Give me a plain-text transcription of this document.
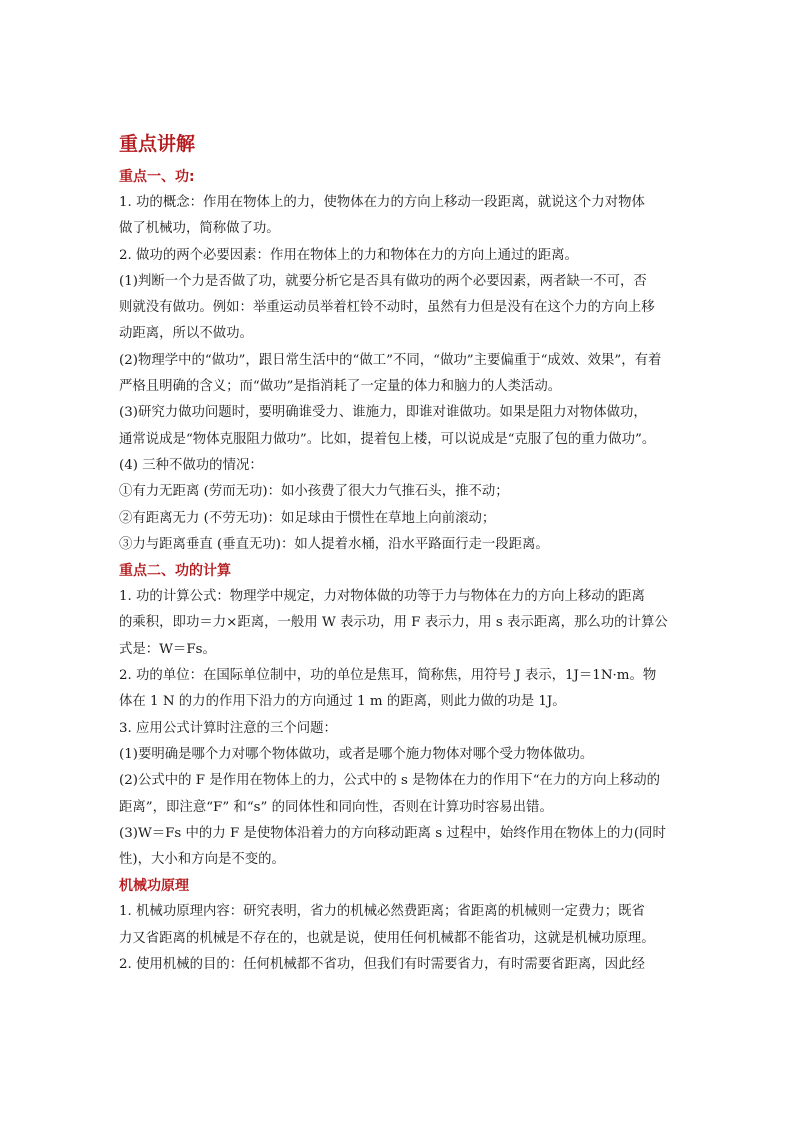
重点讲解
重点一、功:
1. 功的概念：作用在物体上的力，使物体在力的方向上移动一段距离，就说这个力对物体
做了机械功，简称做了功。
2. 做功的两个必要因素：作用在物体上的力和物体在力的方向上通过的距离。
(1)判断一个力是否做了功，就要分析它是否具有做功的两个必要因素，两者缺一不可，否
则就没有做功。例如：举重运动员举着杠铃不动时，虽然有力但是没有在这个力的方向上移
动距离，所以不做功。
(2)物理学中的“做功”，跟日常生活中的“做工”不同，“做功”主要偏重于“成效、效果”，有着
严格且明确的含义；而“做功”是指消耗了一定量的体力和脑力的人类活动。
(3)研究力做功问题时，要明确谁受力、谁施力，即谁对谁做功。如果是阻力对物体做功，
通常说成是“物体克服阻力做功”。比如，提着包上楼，可以说成是“克服了包的重力做功”。
(4) 三种不做功的情况：
①有力无距离 (劳而无功)：如小孩费了很大力气推石头，推不动；
②有距离无力 (不劳无功)：如足球由于惯性在草地上向前滚动；
③力与距离垂直 (垂直无功)：如人提着水桶，沿水平路面行走一段距离。
重点二、功的计算
1. 功的计算公式：物理学中规定，力对物体做的功等于力与物体在力的方向上移动的距离
的乘积，即功＝力×距离，一般用 W 表示功，用 F 表示力，用 s 表示距离，那么功的计算公
式是：W＝Fs。
2. 功的单位：在国际单位制中，功的单位是焦耳，简称焦，用符号 J 表示，1J＝1N·m。物
体在 1 N 的力的作用下沿力的方向通过 1 m 的距离，则此力做的功是 1J。
3. 应用公式计算时注意的三个问题：
(1)要明确是哪个力对哪个物体做功，或者是哪个施力物体对哪个受力物体做功。
(2)公式中的 F 是作用在物体上的力，公式中的 s 是物体在力的作用下“在力的方向上移动的
距离”，即注意“F” 和“s” 的同体性和同向性，否则在计算功时容易出错。
(3)W＝Fs 中的力 F 是使物体沿着力的方向移动距离 s 过程中，始终作用在物体上的力(同时
性)，大小和方向是不变的。
机械功原理
1. 机械功原理内容：研究表明，省力的机械必然费距离；省距离的机械则一定费力；既省
力又省距离的机械是不存在的，也就是说，使用任何机械都不能省功，这就是机械功原理。
2. 使用机械的目的：任何机械都不省功，但我们有时需要省力，有时需要省距离，因此经
